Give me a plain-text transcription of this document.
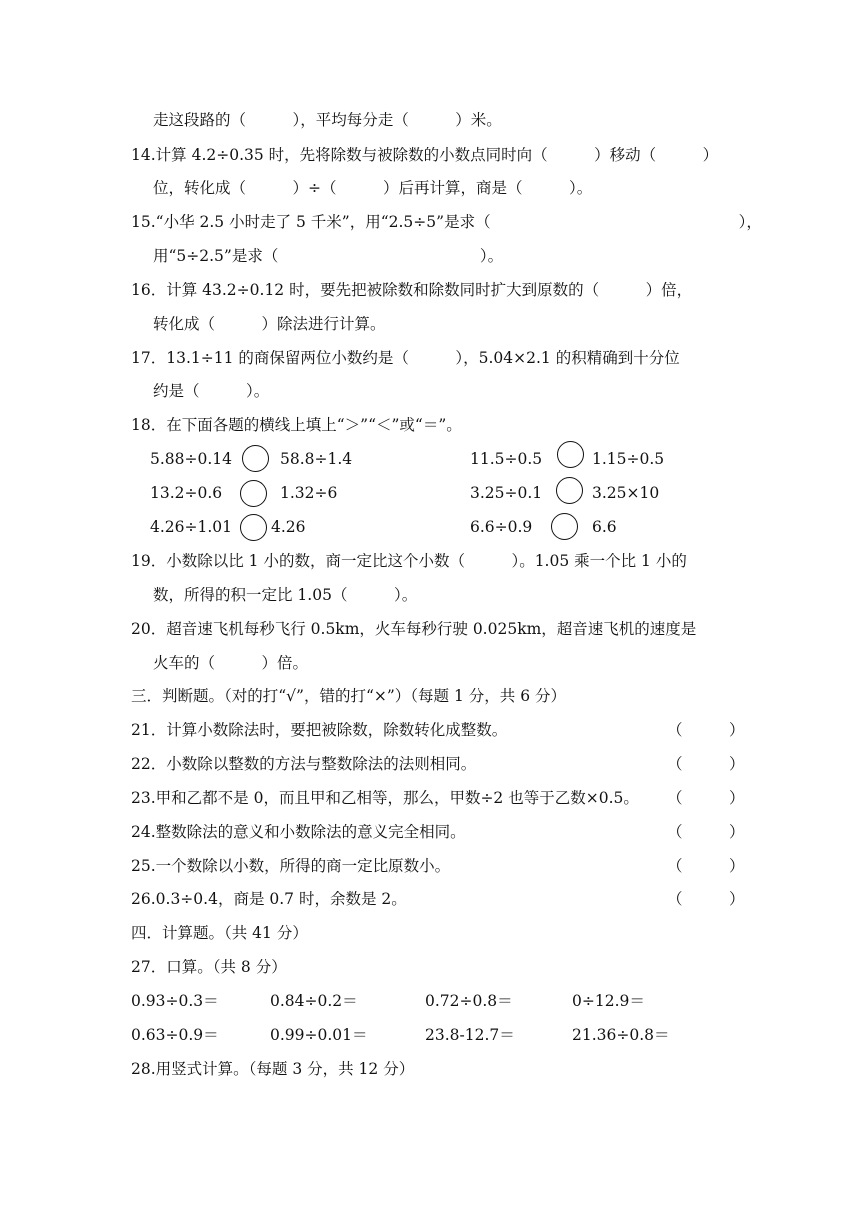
走这段路的（　　　），平均每分走（　　　）米。
14.计算 4.2÷0.35 时，先将除数与被除数的小数点同时向（　　　）移动（　　　）
位，转化成（　　　）÷（　　　）后再计算，商是（　　　）。
15.“小华 2.5 小时走了 5 千米”，用“2.5÷5”是求（　　　　　　　　　　　　　　　　），
用“5÷2.5”是求（　　　　　　　　　　　　　）。
16．计算 43.2÷0.12 时，要先把被除数和除数同时扩大到原数的（　　　）倍，
转化成（　　　）除法进行计算。
17．13.1÷11 的商保留两位小数约是（　　　），5.04×2.1 的积精确到十分位
约是（　　　）。
18．在下面各题的横线上填上“＞”“＜”或“＝”。
5.88÷0.14	58.8÷1.4	11.5÷0.5	1.15÷0.5
13.2÷0.6	1.32÷6	3.25÷0.1	3.25×10
4.26÷1.01	4.26	6.6÷0.9	6.6
19．小数除以比 1 小的数，商一定比这个小数（　　　）。1.05 乘一个比 1 小的
数，所得的积一定比 1.05（　　　）。
20．超音速飞机每秒飞行 0.5km，火车每秒行驶 0.025km，超音速飞机的速度是
火车的（　　　）倍。
三．判断题。（对的打“√”，错的打“×”）（每题 1 分，共 6 分）
21．计算小数除法时，要把被除数，除数转化成整数。	（　　　）
22．小数除以整数的方法与整数除法的法则相同。	（　　　）
23.甲和乙都不是 0，而且甲和乙相等，那么，甲数÷2 也等于乙数×0.5。 （　　　）
24.整数除法的意义和小数除法的意义完全相同。	（　　　）
25.一个数除以小数，所得的商一定比原数小。	（　　　）
26.0.3÷0.4，商是 0.7 时，余数是 2。	（　　　）
四．计算题。（共 41 分）
27．口算。（共 8 分）
0.93÷0.3＝	0.84÷0.2＝	0.72÷0.8＝	0÷12.9＝
0.63÷0.9＝	0.99÷0.01＝	23.8-12.7＝	21.36÷0.8＝
28.用竖式计算。（每题 3 分，共 12 分）
